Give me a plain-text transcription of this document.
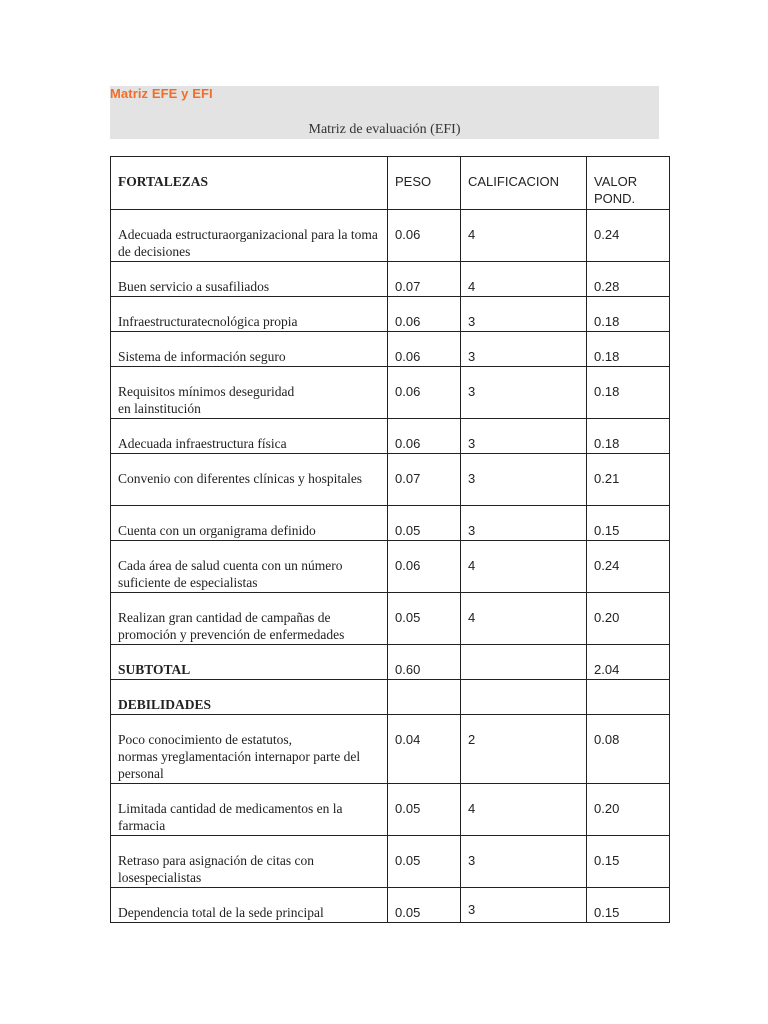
Matriz EFE y EFI
Matriz de evaluación (EFI)
FORTALEZAS	PESO	CALIFICACION	VALOR
POND.

Adecuada estructuraorganizacional para la toma de decisiones	0.06	4	0.24

Buen servicio a susafiliados	0.07	4	0.28

Infraestructuratecnológica propia	0.06	3	0.18

Sistema de información seguro	0.06	3	0.18

Requisitos mínimos deseguridad
en lainstitución	0.06	3	0.18

Adecuada infraestructura física	0.06	3	0.18

Convenio con diferentes clínicas y hospitales	0.07	3	0.21

Cuenta con un organigrama definido	0.05	3	0.15

Cada área de salud cuenta con un número suficiente de especialistas	0.06	4	0.24

Realizan gran cantidad de campañas de promoción y prevención de enfermedades	0.05	4	0.20

SUBTOTAL	0.60		2.04

DEBILIDADES			

Poco conocimiento de estatutos,
normas yreglamentación internapor parte del personal	0.04	2	0.08

Limitada cantidad de medicamentos en la farmacia	0.05	4	0.20

Retraso para asignación de citas con losespecialistas	0.05	3	0.15

Dependencia total de la sede principal	0.05	3	0.15
